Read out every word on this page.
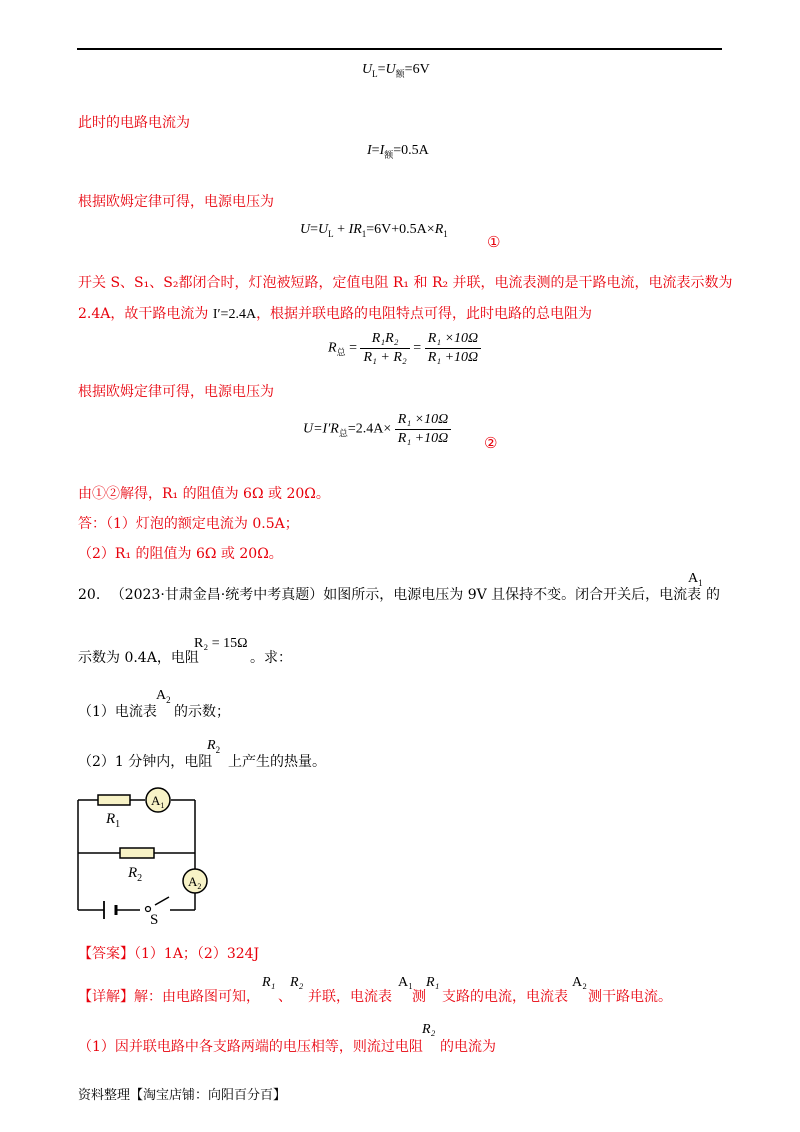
$U_L=U_额=6V$
此时的电路电流为
$I=I_额=0.5A$
根据欧姆定律可得，电源电压为
$U=U_L + IR_1=6V+0.5A\times R_1$	①
开关 S、S₁、S₂都闭合时，灯泡被短路，定值电阻 R₁ 和 R₂ 并联，电流表测的是干路电流，电流表示数为
2.4A，故干路电流为 I′=2.4A，根据并联电路的电阻特点可得，此时电路的总电阻为
$R_总 = \frac{\text{R₁R₂}}{\text{R₁ + R₂}} = \frac{\text{R₁ ×10Ω}}{\text{R₁ +10Ω}}$
根据欧姆定律可得，电源电压为
$U=I'R_总=2.4A\times \frac{\text{R₁ ×10Ω}}{\text{R₁ +10Ω}}$ ②
由①②解得，R₁ 的阻值为 6Ω 或 20Ω。
答：（1）灯泡的额定电流为 0.5A；
（2）R₁ 的阻值为 6Ω 或 20Ω。
20. （2023·甘肃金昌·统考中考真题）如图所示，电源电压为 9V 且保持不变。闭合开关后，电流表
$A_1$
的
示数为 0.4A，电阻
R₂ = 15Ω
。求：
（1）电流表
$A_2$
的示数；
（2）1 分钟内，电阻
$R_2$
上产生的热量。
$A_1$
$A_2$
$R_1$
$R_2$
S
【答案】（1）1A；（2）324J
【详解】解：由电路图可知，
R₁
、
R₂
并联，电流表
A₁
测
R₁
支路的电流，电流表
A₂
测干路电流。
（1）因并联电路中各支路两端的电压相等，则流过电阻
R₂
的电流为
资料整理【淘宝店铺：向阳百分百】
